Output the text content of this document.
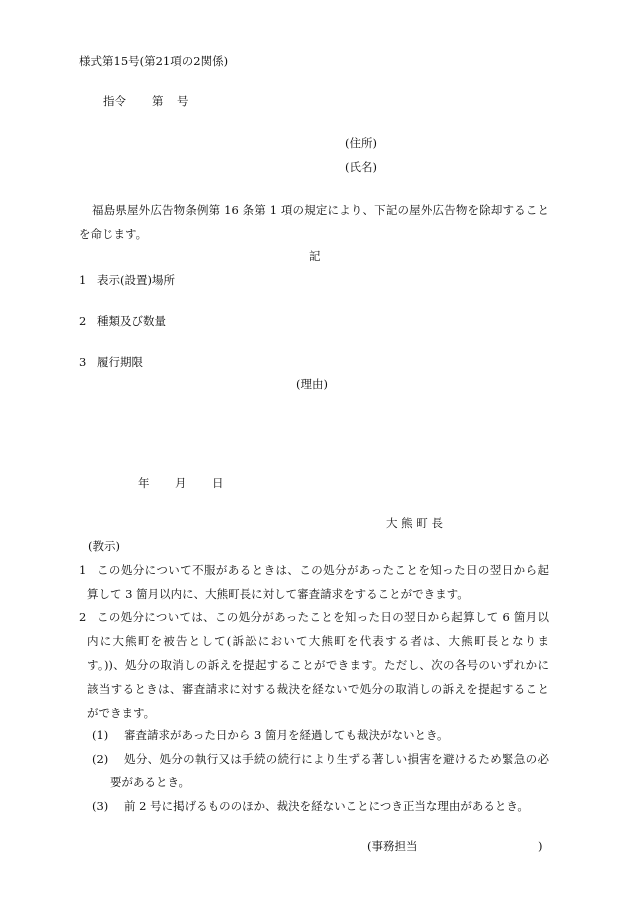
様式第15号(第21項の2関係)
指令 第 号
(住所)
(氏名)
福島県屋外広告物条例第 16 条第 1 項の規定により、下記の屋外広告物を除却すること
を命じます。
記
1 表示(設置)場所
2 種類及び数量
3 履行期限
(理由)
年 月 日
大 熊 町 長
(教示)
1 この処分について不服があるときは、この処分があったことを知った日の翌日から起
算して 3 箇月以内に、大熊町長に対して審査請求をすることができます。
2 この処分については、この処分があったことを知った日の翌日から起算して 6 箇月以
内に大熊町を被告として(訴訟において大熊町を代表する者は、大熊町長となりま
す。))、処分の取消しの訴えを提起することができます。ただし、次の各号のいずれかに
該当するときは、審査請求に対する裁決を経ないで処分の取消しの訴えを提起すること
ができます。
(1) 審査請求があった日から 3 箇月を経過しても裁決がないとき。
(2) 処分、処分の執行又は手続の続行により生ずる著しい損害を避けるため緊急の必
要があるとき。
(3) 前 2 号に掲げるもののほか、裁決を経ないことにつき正当な理由があるとき。
(事務担当	)
